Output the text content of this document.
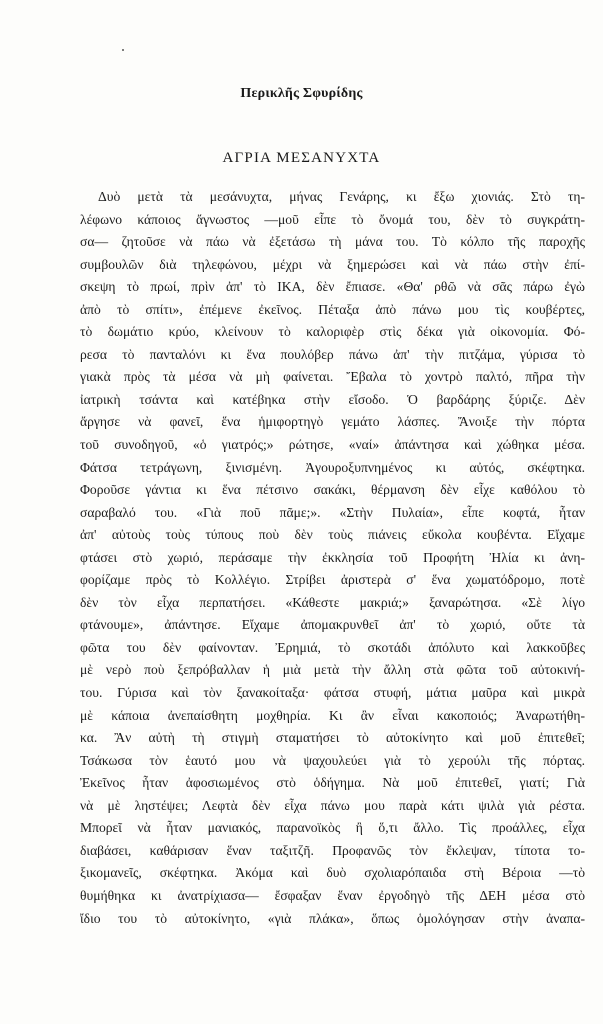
Περικλῆς Σφυρίδης
ΑΓΡΙΑ ΜΕΣΑΝΥΧΤΑ
Δυὸ μετὰ τὰ μεσάνυχτα, μήνας Γενάρης, κι ἔξω χιονιάς. Στὸ τη-
λέφωνο κάποιος ἄγνωστος —μοῦ εἶπε τὸ ὄνομά του, δὲν τὸ συγκράτη-
σα— ζητοῦσε νὰ πάω νὰ ἐξετάσω τὴ μάνα του. Τὸ κόλπο τῆς παροχῆς
συμβουλῶν διὰ τηλεφώνου, μέχρι νὰ ξημερώσει καὶ νὰ πάω στὴν ἐπί-
σκεψη τὸ πρωί, πρὶν ἀπ' τὸ ΙΚΑ, δὲν ἔπιασε. «Θα' ρθῶ νὰ σᾶς πάρω ἐγὼ
ἀπὸ τὸ σπίτι», ἐπέμενε ἐκεῖνος. Πέταξα ἀπὸ πάνω μου τὶς κουβέρτες,
τὸ δωμάτιο κρύο, κλείνουν τὸ καλοριφὲρ στὶς δέκα γιὰ οἰκονομία. Φό-
ρεσα τὸ πανταλόνι κι ἕνα πουλόβερ πάνω ἀπ' τὴν πιτζάμα, γύρισα τὸ
γιακὰ πρὸς τὰ μέσα νὰ μὴ φαίνεται. Ἔβαλα τὸ χοντρὸ παλτό, πῆρα τὴν
ἰατρικὴ τσάντα καὶ κατέβηκα στὴν εἴσοδο. Ὁ βαρδάρης ξύριζε. Δὲν
ἄργησε νὰ φανεῖ, ἕνα ἡμιφορτηγὸ γεμάτο λάσπες. Ἄνοιξε τὴν πόρτα
τοῦ συνοδηγοῦ, «ὁ γιατρός;» ρώτησε, «ναί» ἀπάντησα καὶ χώθηκα μέσα.
Φάτσα τετράγωνη, ξινισμένη. Ἀγουροξυπνημένος κι αὐτός, σκέφτηκα.
Φοροῦσε γάντια κι ἕνα πέτσινο σακάκι, θέρμανση δὲν εἶχε καθόλου τὸ
σαραβαλό του. «Γιὰ ποῦ πᾶμε;». «Στὴν Πυλαία», εἶπε κοφτά, ἦταν
ἀπ' αὐτοὺς τοὺς τύπους ποὺ δὲν τοὺς πιάνεις εὔκολα κουβέντα. Εἴχαμε
φτάσει στὸ χωριό, περάσαμε τὴν ἐκκλησία τοῦ Προφήτη Ἠλία κι ἀνη-
φορίζαμε πρὸς τὸ Κολλέγιο. Στρίβει ἀριστερὰ σ' ἕνα χωματόδρομο, ποτὲ
δὲν τὸν εἶχα περπατήσει. «Κάθεστε μακριά;» ξαναρώτησα. «Σὲ λίγο
φτάνουμε», ἀπάντησε. Εἴχαμε ἀπομακρυνθεῖ ἀπ' τὸ χωριό, οὔτε τὰ
φῶτα του δὲν φαίνονταν. Ἐρημιά, τὸ σκοτάδι ἀπόλυτο καὶ λακκοῦβες
μὲ νερὸ ποὺ ξεπρόβαλλαν ἡ μιὰ μετὰ τὴν ἄλλη στὰ φῶτα τοῦ αὐτοκινή-
του. Γύρισα καὶ τὸν ξανακοίταξα· φάτσα στυφή, μάτια μαῦρα καὶ μικρὰ
μὲ κάποια ἀνεπαίσθητη μοχθηρία. Κι ἂν εἶναι κακοποιός; Ἀναρωτήθη-
κα. Ἂν αὐτὴ τὴ στιγμὴ σταματήσει τὸ αὐτοκίνητο καὶ μοῦ ἐπιτεθεῖ;
Τσάκωσα τὸν ἑαυτό μου νὰ ψαχουλεύει γιὰ τὸ χερούλι τῆς πόρτας.
Ἐκεῖνος ἦταν ἀφοσιωμένος στὸ ὁδήγημα. Νὰ μοῦ ἐπιτεθεῖ, γιατί; Γιὰ
νὰ μὲ ληστέψει; Λεφτὰ δὲν εἶχα πάνω μου παρὰ κάτι ψιλὰ γιὰ ρέστα.
Μπορεῖ νὰ ἦταν μανιακός, παρανοϊκὸς ἢ ὅ,τι ἄλλο. Τὶς προάλλες, εἶχα
διαβάσει, καθάρισαν ἕναν ταξιτζῆ. Προφανῶς τὸν ἔκλεψαν, τίποτα το-
ξικομανεῖς, σκέφτηκα. Ἀκόμα καὶ δυὸ σχολιαρόπαιδα στὴ Βέροια —τὸ
θυμήθηκα κι ἀνατρίχιασα— ἔσφαξαν ἕναν ἐργοδηγὸ τῆς ΔΕΗ μέσα στὸ
ἴδιο του τὸ αὐτοκίνητο, «γιὰ πλάκα», ὅπως ὁμολόγησαν στὴν ἀναπα-
